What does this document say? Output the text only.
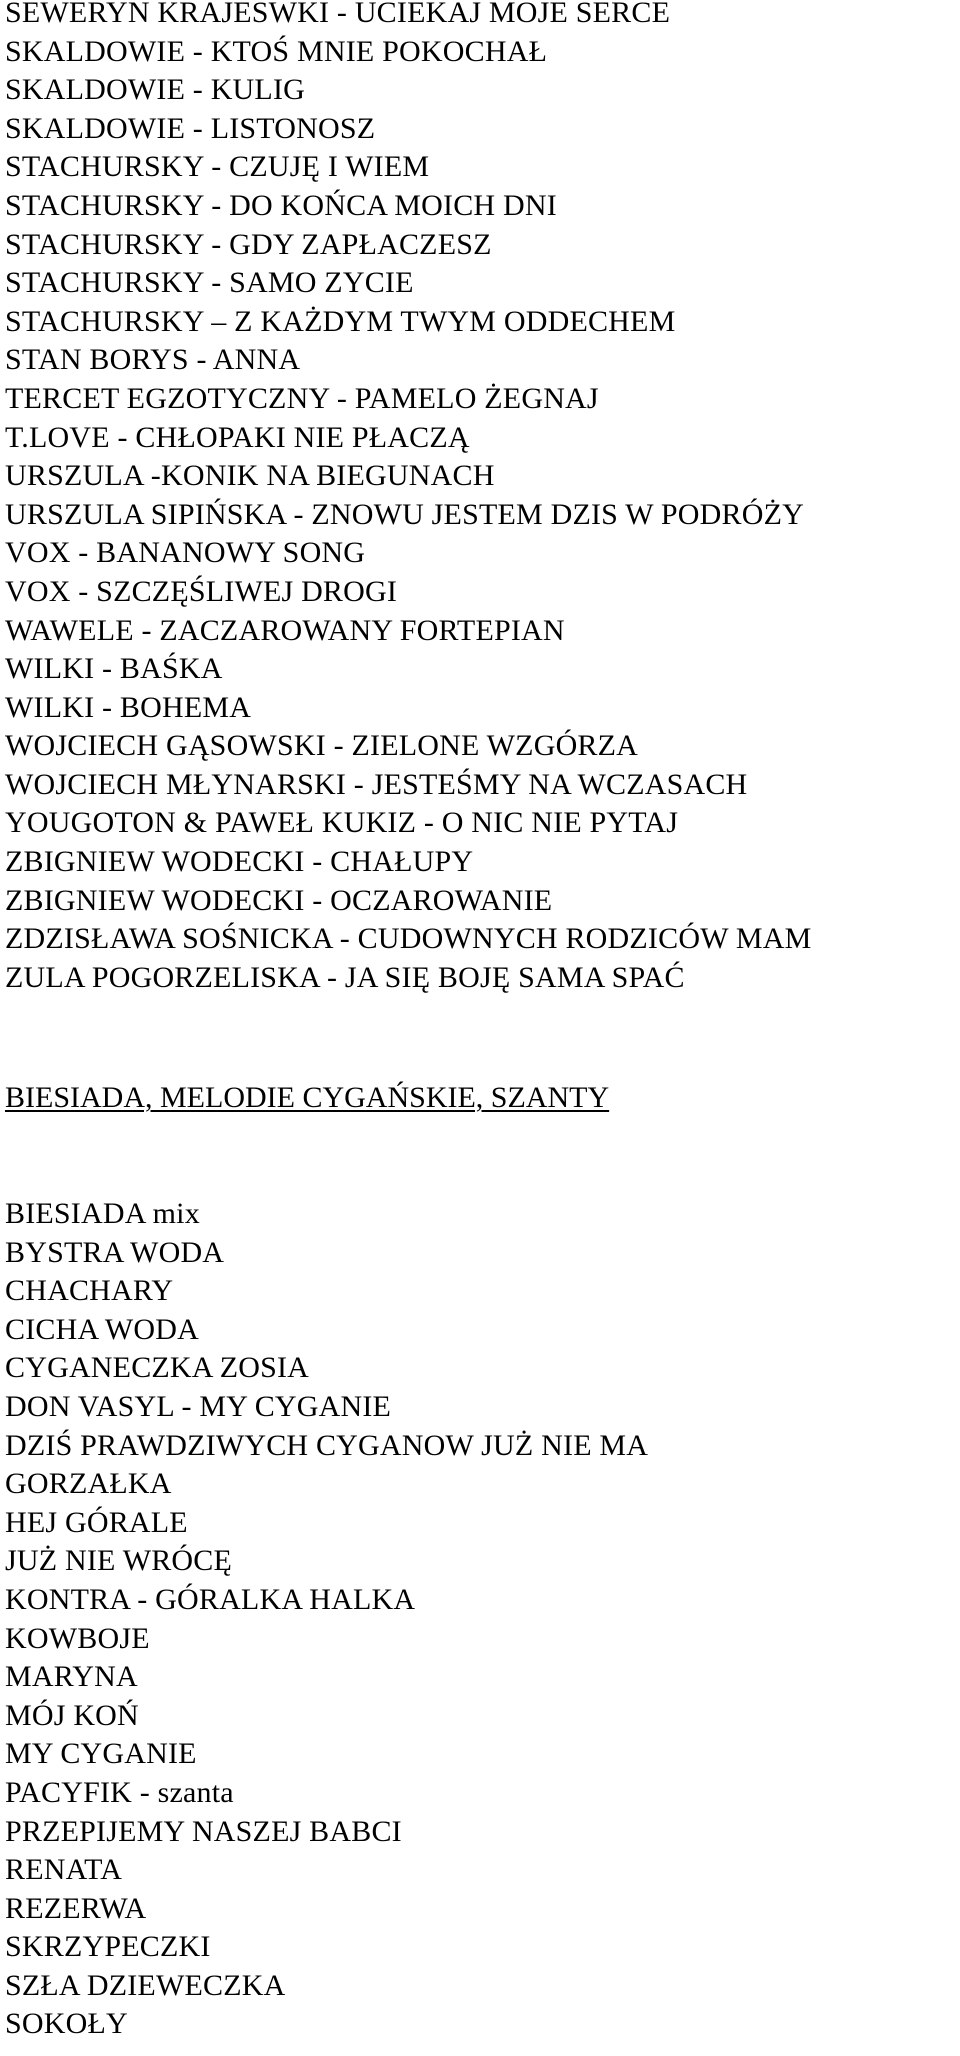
SEWERYN KRAJESWKI - UCIEKAJ MOJE SERCE
SKALDOWIE - KTOŚ MNIE POKOCHAŁ
SKALDOWIE - KULIG
SKALDOWIE - LISTONOSZ
STACHURSKY - CZUJĘ I WIEM
STACHURSKY - DO KOŃCA MOICH DNI
STACHURSKY - GDY ZAPŁACZESZ
STACHURSKY - SAMO ZYCIE
STACHURSKY – Z KAŻDYM TWYM ODDECHEM
STAN BORYS - ANNA
TERCET EGZOTYCZNY - PAMELO ŻEGNAJ
T.LOVE - CHŁOPAKI NIE PŁACZĄ
URSZULA -KONIK NA BIEGUNACH
URSZULA SIPIŃSKA - ZNOWU JESTEM DZIS W PODRÓŻY
VOX - BANANOWY SONG
VOX - SZCZĘŚLIWEJ DROGI
WAWELE - ZACZAROWANY FORTEPIAN
WILKI - BAŚKA
WILKI - BOHEMA
WOJCIECH GĄSOWSKI - ZIELONE WZGÓRZA
WOJCIECH MŁYNARSKI - JESTEŚMY NA WCZASACH
YOUGOTON & PAWEŁ KUKIZ - O NIC NIE PYTAJ
ZBIGNIEW WODECKI - CHAŁUPY
ZBIGNIEW WODECKI - OCZAROWANIE
ZDZISŁAWA SOŚNICKA - CUDOWNYCH RODZICÓW MAM
ZULA POGORZELISKA - JA SIĘ BOJĘ SAMA SPAĆ
BIESIADA, MELODIE CYGAŃSKIE, SZANTY
BIESIADA mix
BYSTRA WODA
CHACHARY
CICHA WODA
CYGANECZKA ZOSIA
DON VASYL - MY CYGANIE
DZIŚ PRAWDZIWYCH CYGANOW JUŻ NIE MA
GORZAŁKA
HEJ GÓRALE
JUŻ NIE WRÓCĘ
KONTRA - GÓRALKA HALKA
KOWBOJE
MARYNA
MÓJ KOŃ
MY CYGANIE
PACYFIK - szanta
PRZEPIJEMY NASZEJ BABCI
RENATA
REZERWA
SKRZYPECZKI
SZŁA DZIEWECZKA
SOKOŁY
